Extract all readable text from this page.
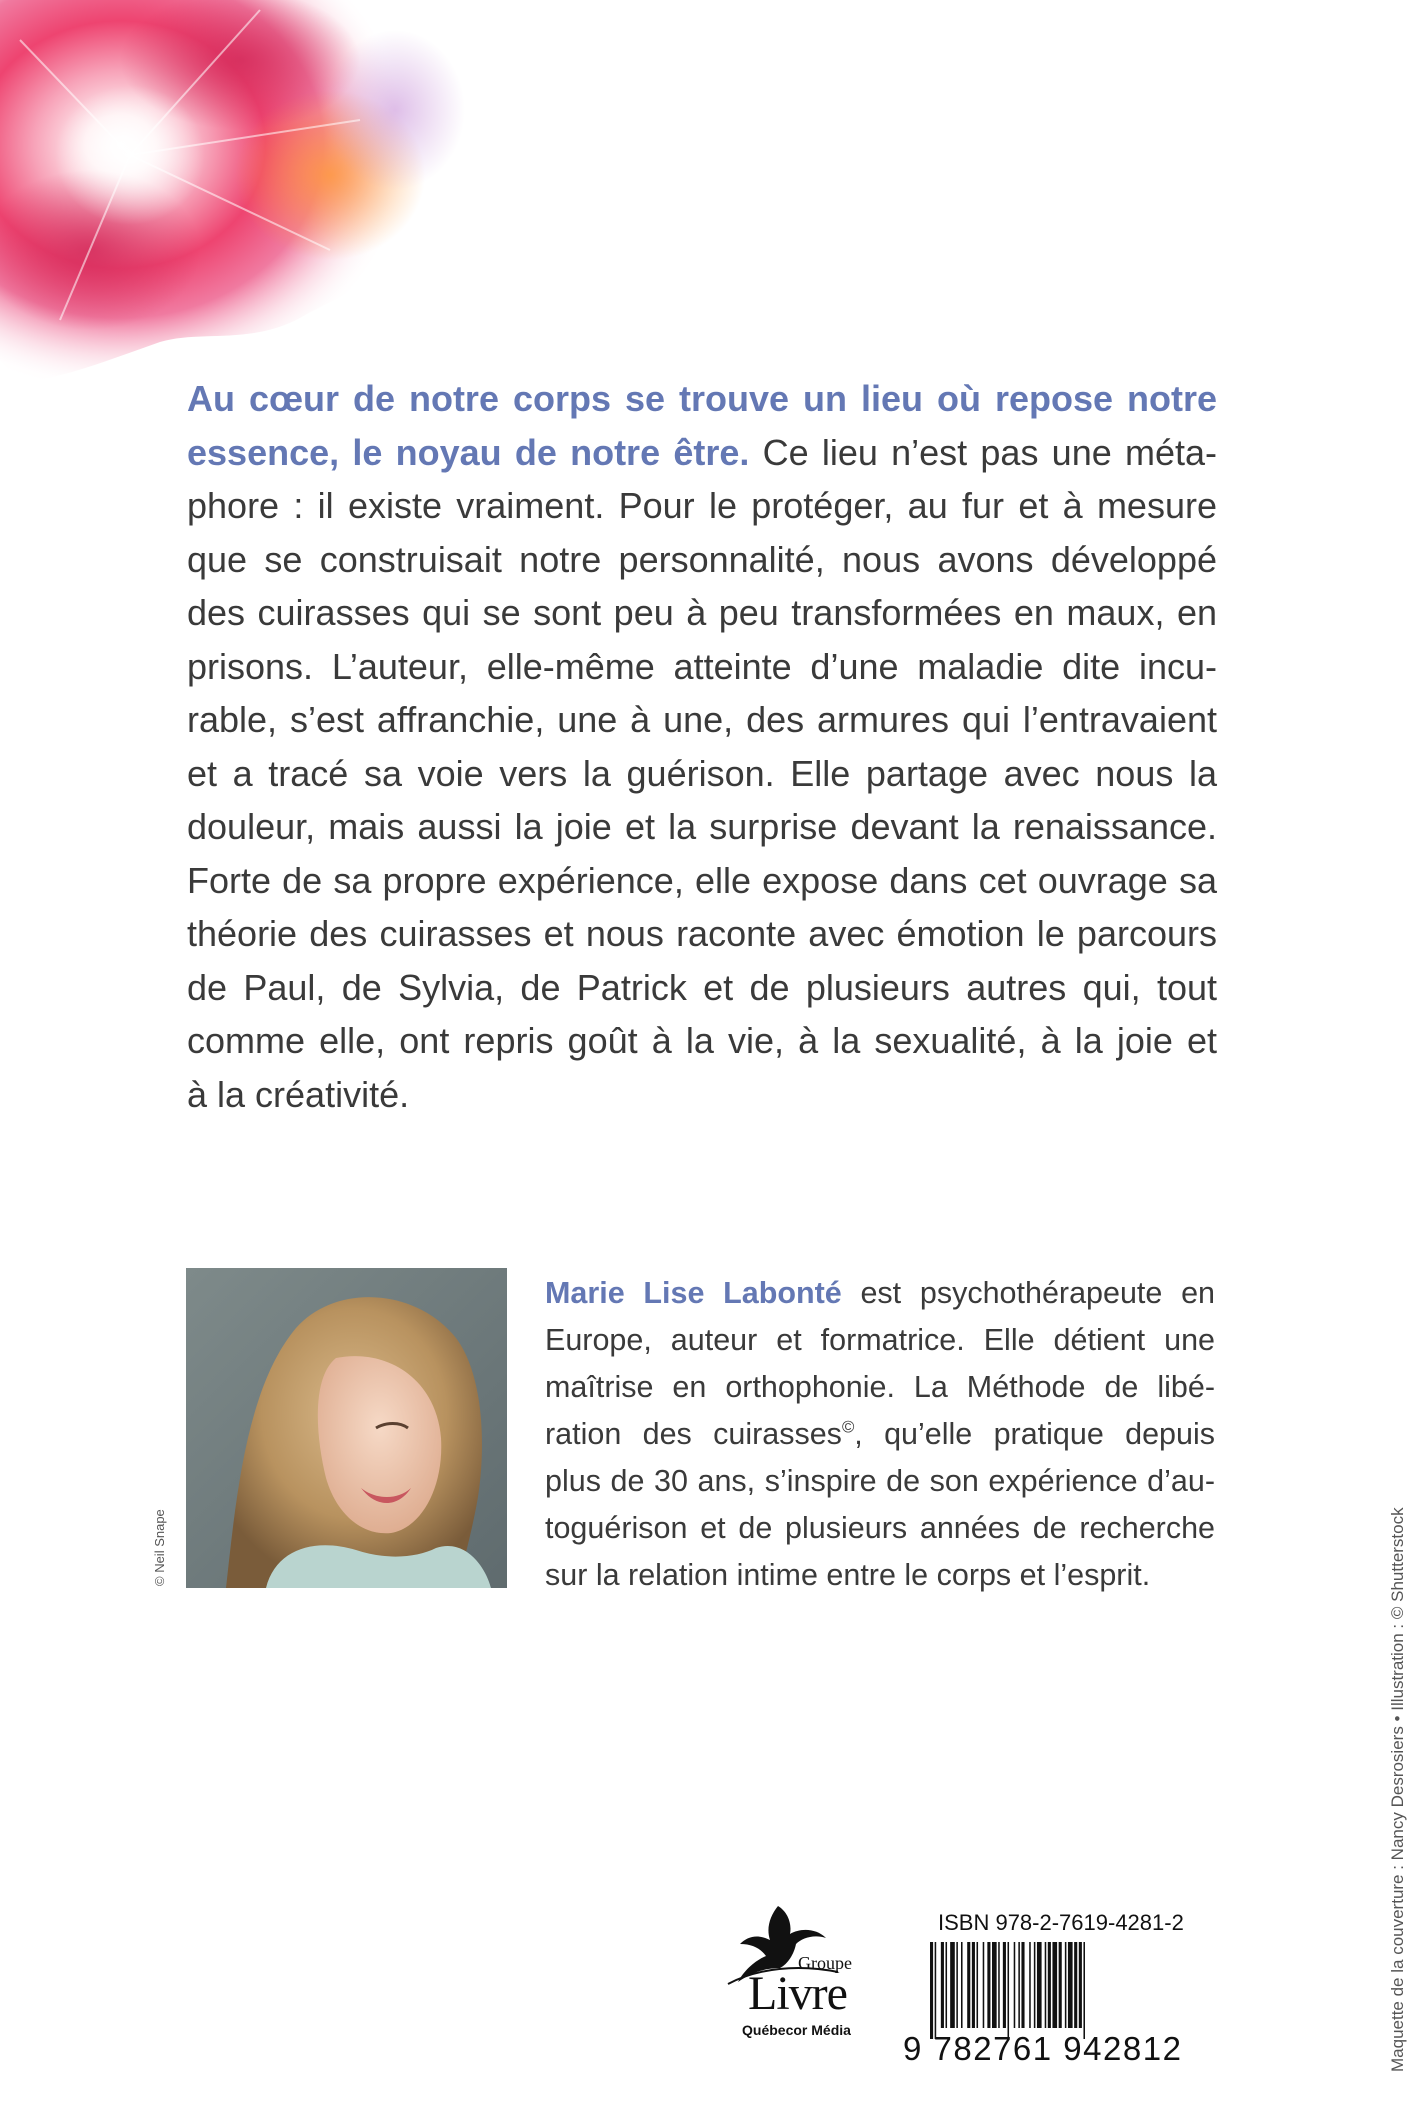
Au cœur de notre corps se trouve un lieu où repose notre
essence, le noyau de notre être. Ce lieu n’est pas une méta-
phore : il existe vraiment. Pour le protéger, au fur et à mesure
que se construisait notre personnalité, nous avons développé
des cuirasses qui se sont peu à peu transformées en maux, en
prisons. L’auteur, elle-même atteinte d’une maladie dite incu-
rable, s’est affranchie, une à une, des armures qui l’entravaient
et a tracé sa voie vers la guérison. Elle partage avec nous la
douleur, mais aussi la joie et la surprise devant la renaissance.
Forte de sa propre expérience, elle expose dans cet ouvrage sa
théorie des cuirasses et nous raconte avec émotion le parcours
de Paul, de Sylvia, de Patrick et de plusieurs autres qui, tout
comme elle, ont repris goût à la vie, à la sexualité, à la joie et
à la créativité.
© Neil Snape
Marie Lise Labonté est psychothérapeute en
Europe, auteur et formatrice. Elle détient une
maîtrise en orthophonie. La Méthode de libé-
ration des cuirasses©, qu’elle pratique depuis
plus de 30 ans, s’inspire de son expérience d’au-
toguérison et de plusieurs années de recherche
sur la relation intime entre le corps et l’esprit.	Maquette de la couverture : Nancy Desrosiers • Illustration : © Shutterstock
Groupe
Livre
Québecor Média
ISBN 978-2-7619-4281-2
9 782761 942812
